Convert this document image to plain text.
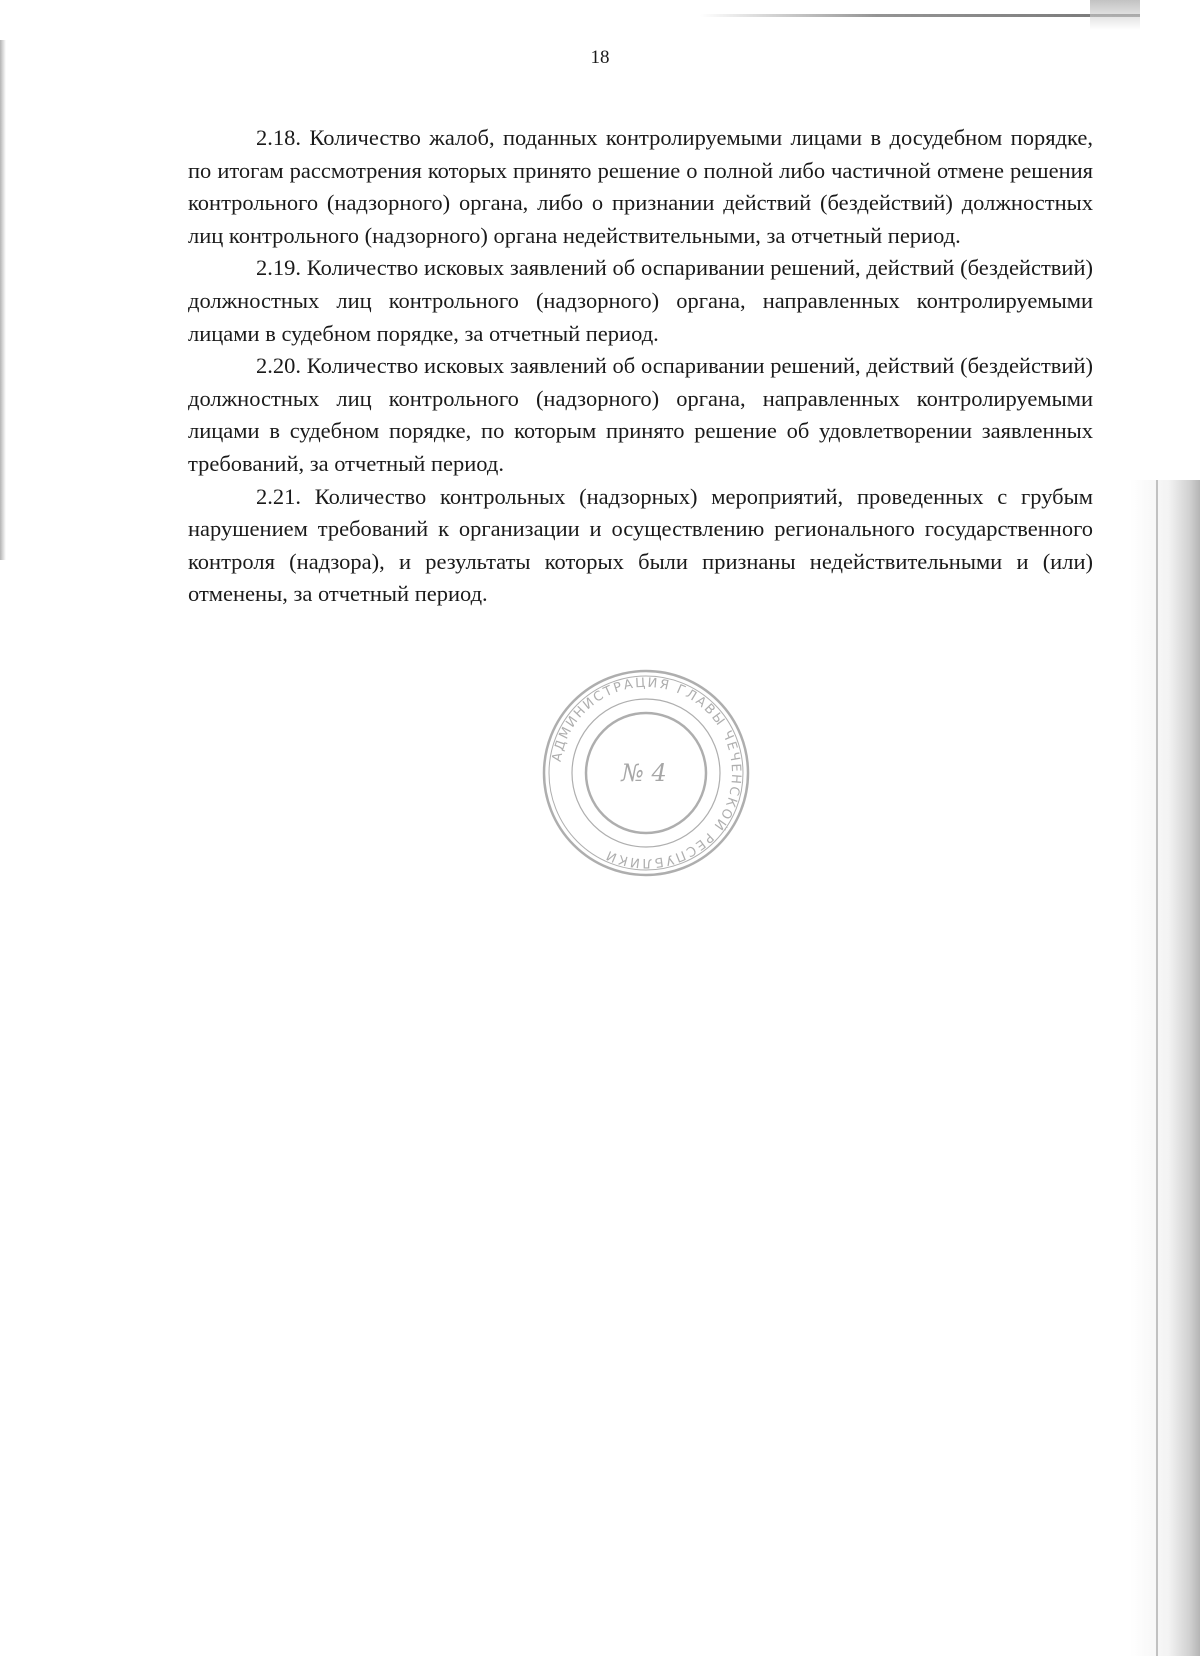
18

2.18. Количество жалоб, поданных контролируемыми лицами в досудебном порядке, по итогам рассмотрения которых принято решение о полной либо частичной отмене решения контрольного (надзорного) органа, либо о признании действий (бездействий) должностных лиц контрольного (надзорного) органа недействительными, за отчетный период.

2.19. Количество исковых заявлений об оспаривании решений, действий (бездействий) должностных лиц контрольного (надзорного) органа, направленных контролируемыми лицами в судебном порядке, за отчетный период.

2.20. Количество исковых заявлений об оспаривании решений, действий (бездействий) должностных лиц контрольного (надзорного) органа, направленных контролируемыми лицами в судебном порядке, по которым принято решение об удовлетворении заявленных требований, за отчетный период.

2.21. Количество контрольных (надзорных) мероприятий, проведенных с грубым нарушением требований к организации и осуществлению регионального государственного контроля (надзора), и результаты которых были признаны недействительными и (или) отменены, за отчетный период.

АДМИНИСТРАЦИЯ ГЛАВЫ ЧЕЧЕНСКОЙ РЕСПУБЛИКИ
№ 4
